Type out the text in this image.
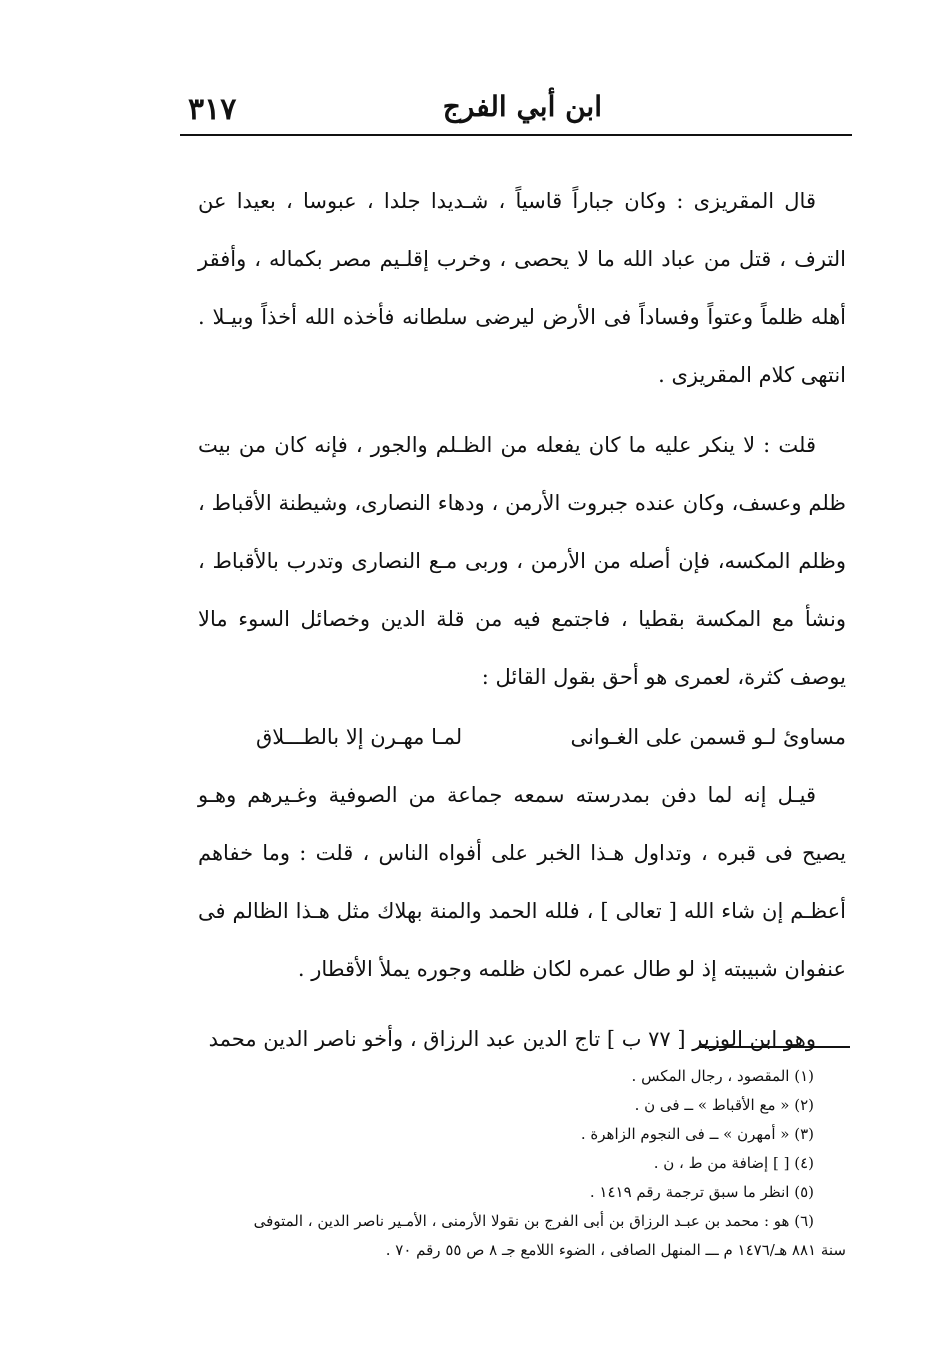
ابن أبي الفرج
٣١٧

قال المقريزى : وكان جباراً قاسياً ، شـديدا جلدا ، عبوسا ، بعيدا عن الترف ، قتل من عباد الله ما لا يحصى ، وخرب إقلـيم مصر بكماله ، وأفقر أهله ظلماً وعتواً وفساداً فى الأرض ليرضى سلطانه فأخذه الله أخذاً وبيـلا . انتهى كلام المقريزى .

قلت : لا ينكر عليه ما كان يفعله من الظـلم والجور ، فإنه كان من بيت ظلم وعسف، وكان عنده جبروت الأرمن ، ودهاء النصارى، وشيطنة الأقباط ، وظلم المكسه، فإن أصله من الأرمن ، وربى مـع النصارى وتدرب بالأقباط ، ونشأ مع المكسة بقطيا ، فاجتمع فيه من قلة الدين وخصائل السوء مالا يوصف كثرة، لعمرى هو أحق بقول القائل :

مساوئ لـو قسمن على الغـوانى
لمـا مهـرن إلا بالطـــلاق

قيـل إنه لما دفن بمدرسته سمعه جماعة من الصوفية وغـيرهم وهـو يصيح فى قبره ، وتداول هـذا الخبر على أفواه الناس ، قلت : وما خفاهم أعظـم إن شاء الله [ تعالى ] ، فلله الحمد والمنة بهلاك مثل هـذا الظالم فى عنفوان شبيبته إذ لو طال عمره لكان ظلمه وجوره يملأ الأقطار .

وهو ابن الوزير [ ٧٧ ب ] تاج الدين عبد الرزاق ، وأخو ناصر الدين محمد

(١) المقصود ، رجال المكس .

(٢) « مع الأقباط » ــ فى ن .

(٣) « أمهرن » ــ فى النجوم الزاهرة .

(٤) [ ] إضافة من ط ، ن .

(٥) انظر ما سبق ترجمة رقم ١٤١٩ .

(٦) هو : محمد بن عبـد الرزاق بن أبى الفرج بن نقولا الأرمنى ، الأمـير ناصر الدين ، المتوفى

سنة ٨٨١ هـ/١٤٧٦ م ـــ المنهل الصافى ، الضوء اللامع جـ ٨ ص ٥٥ رقم ٧٠ .
